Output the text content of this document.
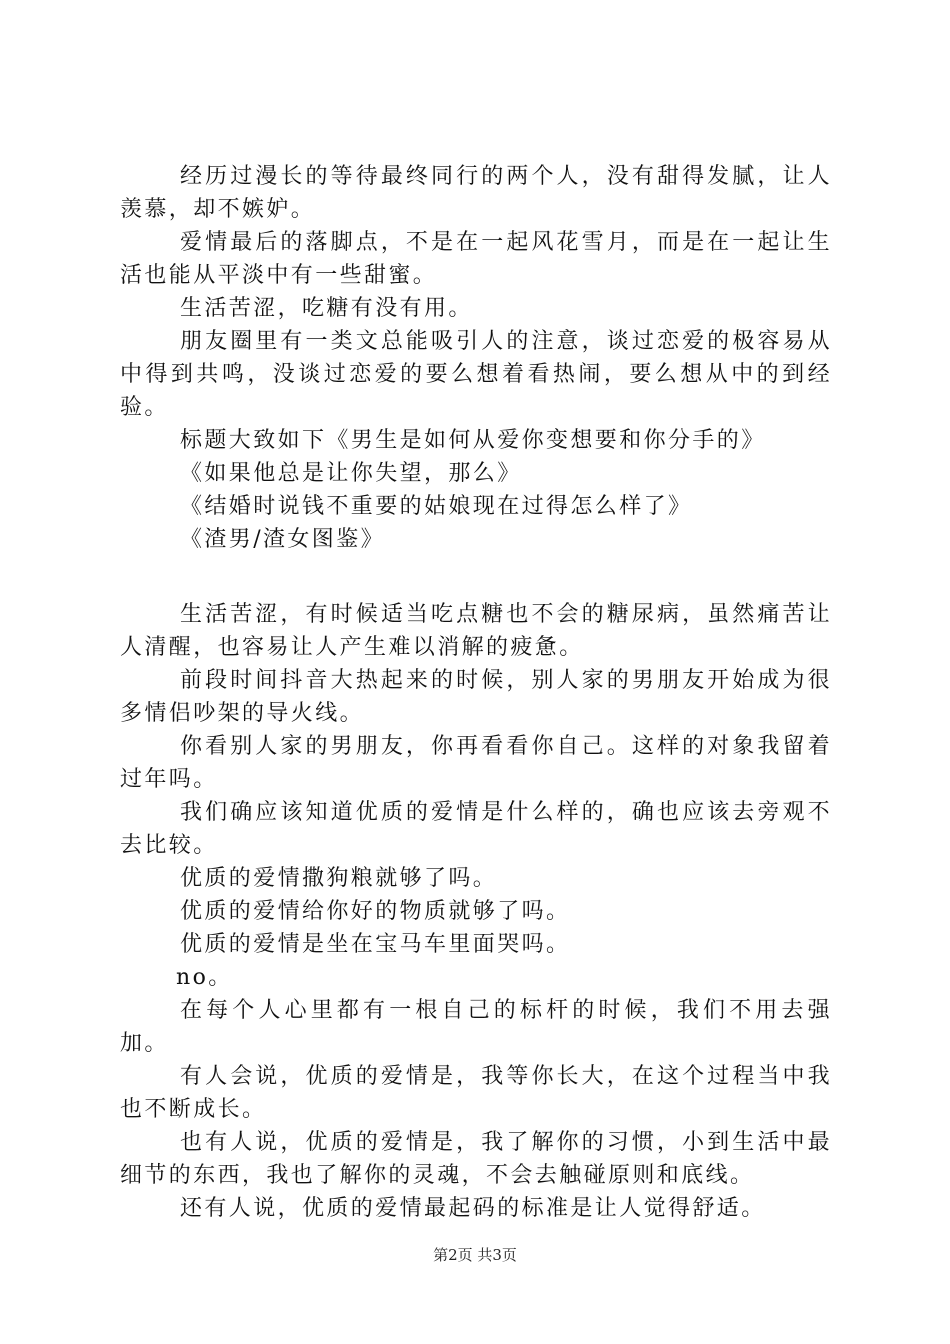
经历过漫长的等待最终同行的两个人，没有甜得发腻，让人羡慕，却不嫉妒。

爱情最后的落脚点，不是在一起风花雪月，而是在一起让生活也能从平淡中有一些甜蜜。

生活苦涩，吃糖有没有用。

朋友圈里有一类文总能吸引人的注意，谈过恋爱的极容易从中得到共鸣，没谈过恋爱的要么想着看热闹，要么想从中的到经验。

标题大致如下《男生是如何从爱你变想要和你分手的》

《如果他总是让你失望，那么》

《结婚时说钱不重要的姑娘现在过得怎么样了》

《渣男/渣女图鉴》

生活苦涩，有时候适当吃点糖也不会的糖尿病，虽然痛苦让人清醒，也容易让人产生难以消解的疲惫。

前段时间抖音大热起来的时候，别人家的男朋友开始成为很多情侣吵架的导火线。

你看别人家的男朋友，你再看看你自己。这样的对象我留着过年吗。

我们确应该知道优质的爱情是什么样的，确也应该去旁观不去比较。

优质的爱情撒狗粮就够了吗。

优质的爱情给你好的物质就够了吗。

优质的爱情是坐在宝马车里面哭吗。

no。

在每个人心里都有一根自己的标杆的时候，我们不用去强加。

有人会说，优质的爱情是，我等你长大，在这个过程当中我也不断成长。

也有人说，优质的爱情是，我了解你的习惯，小到生活中最细节的东西，我也了解你的灵魂，不会去触碰原则和底线。

还有人说，优质的爱情最起码的标准是让人觉得舒适。

第2页 共3页
